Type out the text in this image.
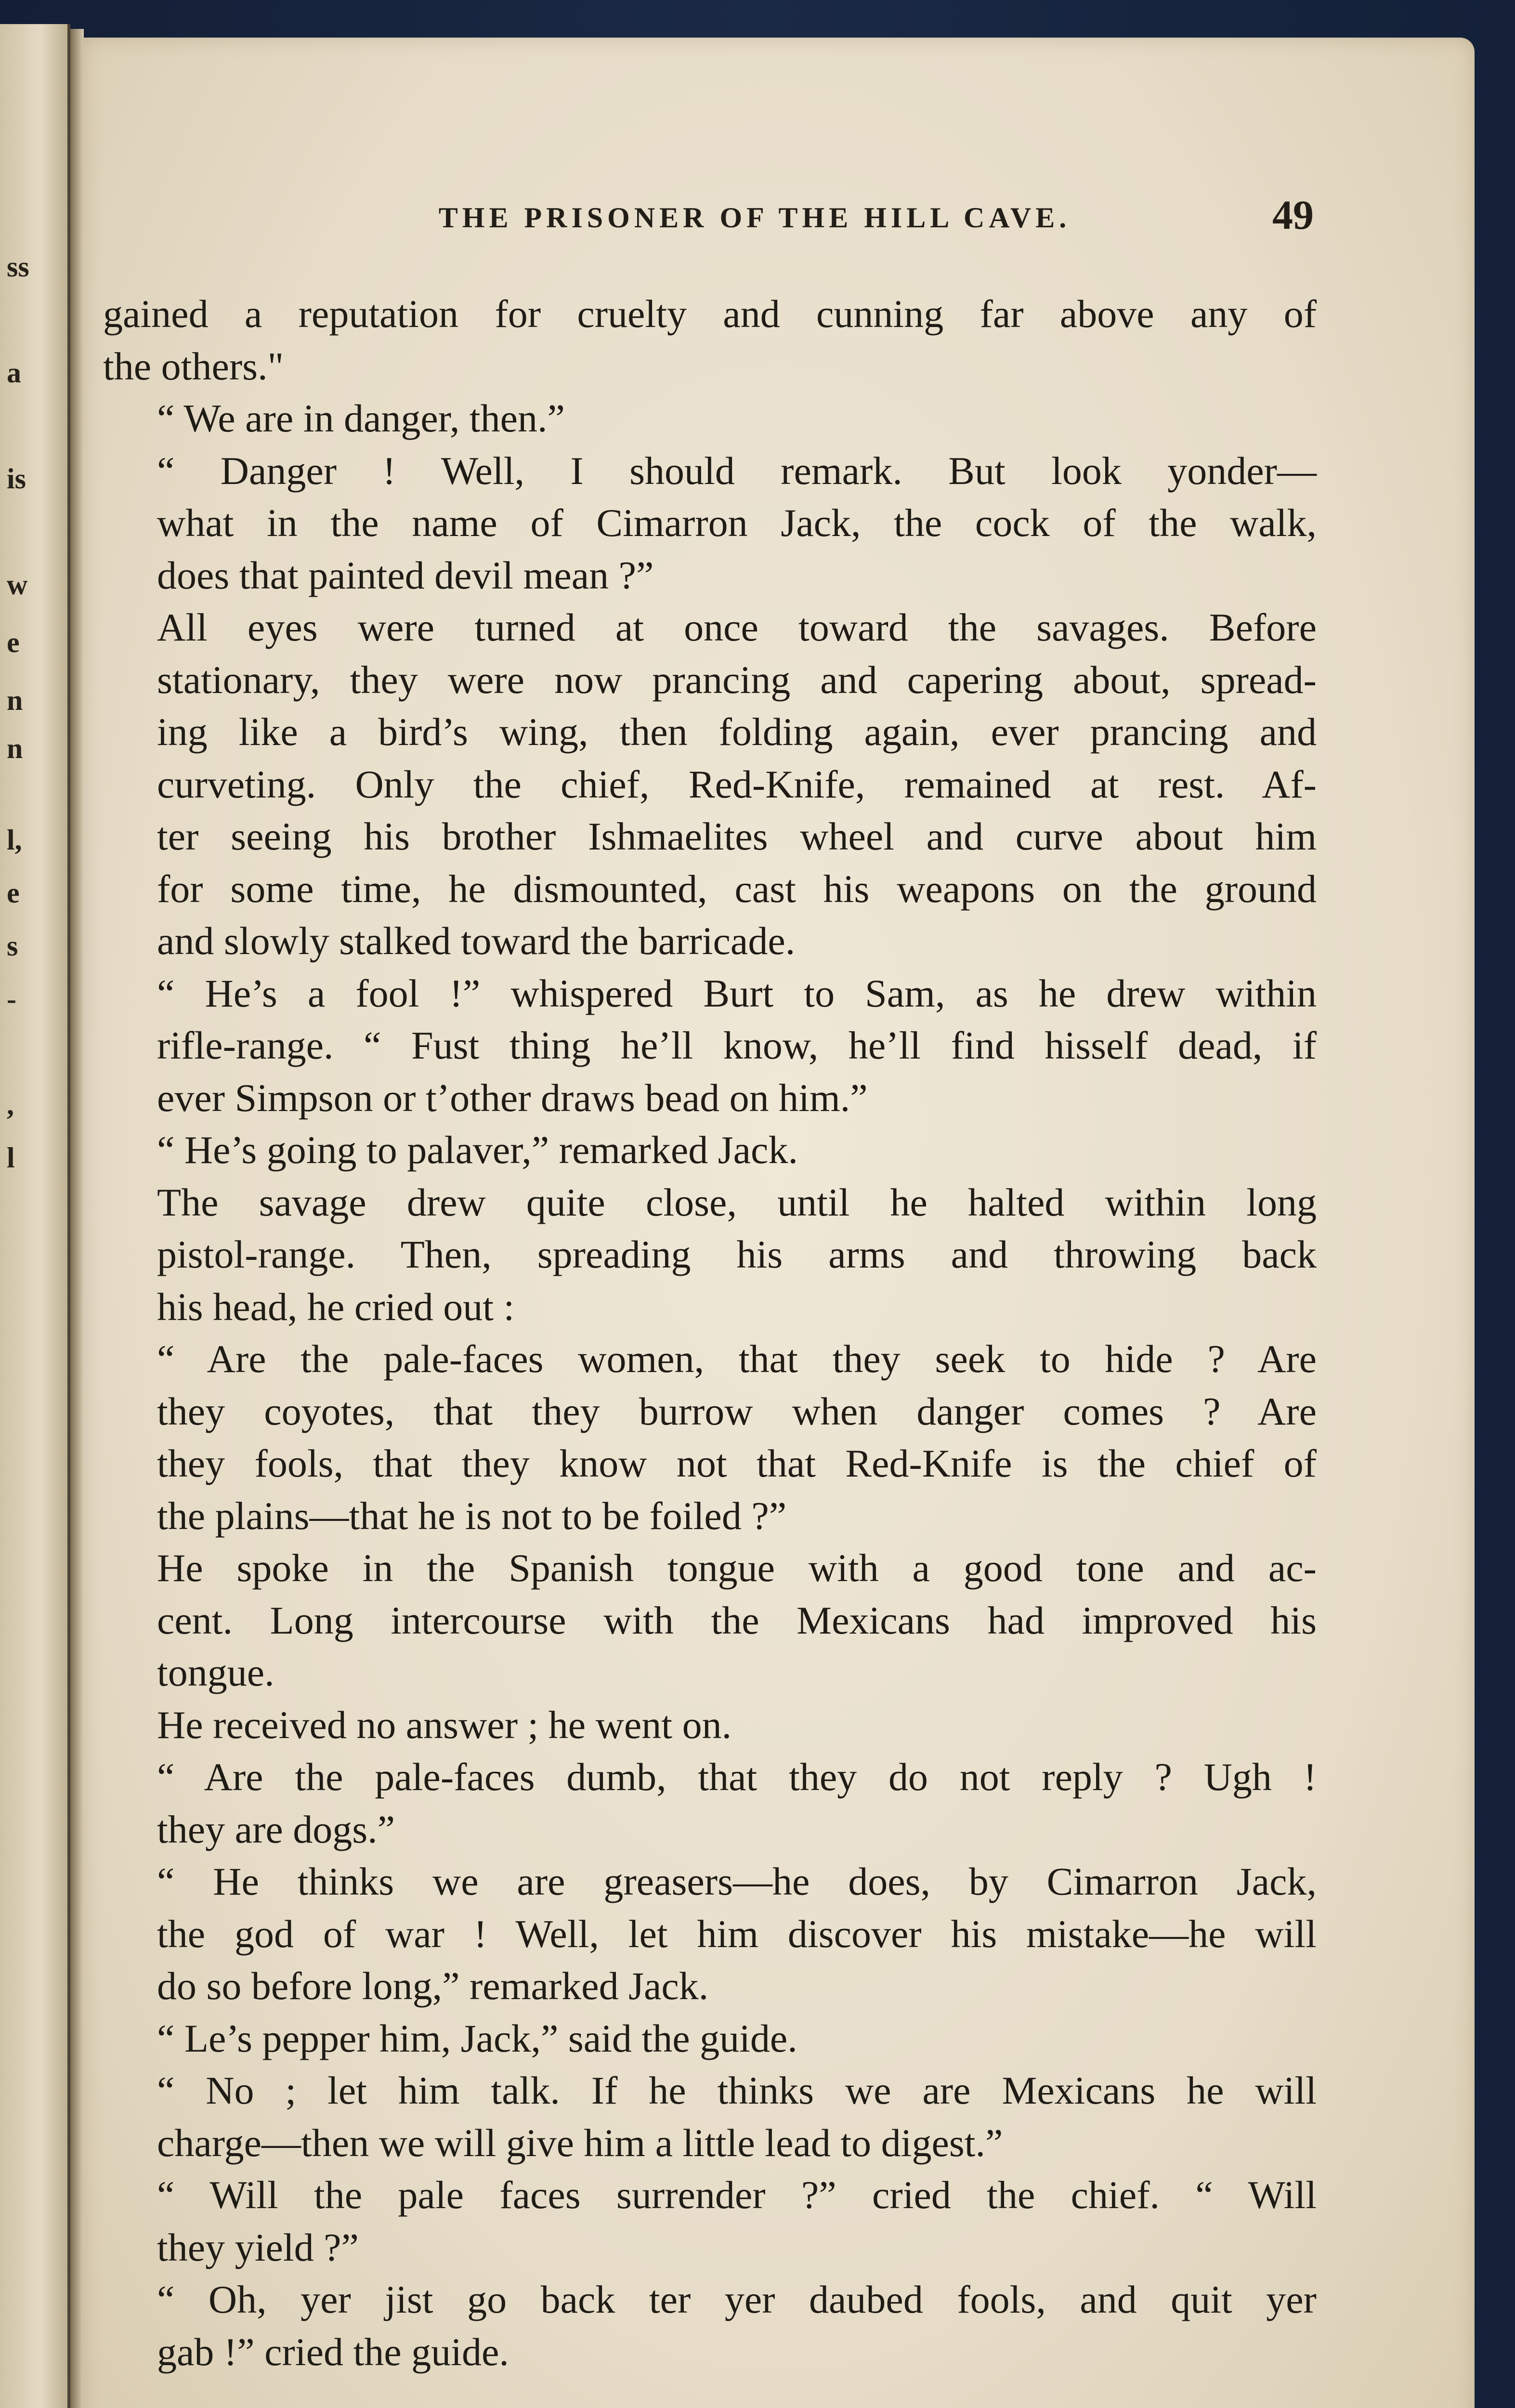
ss
a
is
w
e
n
n
l,
e
s
-
,
l
THE PRISONER OF THE HILL CAVE.	49

gained a reputation for cruelty and cunning far above any of
the others."

“ We are in danger, then.”

“ Danger ! Well, I should remark. But look yonder—
what in the name of Cimarron Jack, the cock of the walk,
does that painted devil mean ?”

All eyes were turned at once toward the savages. Before
stationary, they were now prancing and capering about, spread-
ing like a bird’s wing, then folding again, ever prancing and
curveting. Only the chief, Red-Knife, remained at rest. Af-
ter seeing his brother Ishmaelites wheel and curve about him
for some time, he dismounted, cast his weapons on the ground
and slowly stalked toward the barricade.

“ He’s a fool !” whispered Burt to Sam, as he drew within
rifle-range. “ Fust thing he’ll know, he’ll find hisself dead, if
ever Simpson or t’other draws bead on him.”

“ He’s going to palaver,” remarked Jack.

The savage drew quite close, until he halted within long
pistol-range. Then, spreading his arms and throwing back
his head, he cried out :

“ Are the pale-faces women, that they seek to hide ? Are
they coyotes, that they burrow when danger comes ? Are
they fools, that they know not that Red-Knife is the chief of
the plains—that he is not to be foiled ?”

He spoke in the Spanish tongue with a good tone and ac-
cent. Long intercourse with the Mexicans had improved his
tongue.

He received no answer ; he went on.

“ Are the pale-faces dumb, that they do not reply ? Ugh !
they are dogs.”

“ He thinks we are greasers—he does, by Cimarron Jack,
the god of war ! Well, let him discover his mistake—he will
do so before long,” remarked Jack.

“ Le’s pepper him, Jack,” said the guide.

“ No ; let him talk. If he thinks we are Mexicans he will
charge—then we will give him a little lead to digest.”

“ Will the pale faces surrender ?” cried the chief. “ Will
they yield ?”

“ Oh, yer jist go back ter yer daubed fools, and quit yer
gab !” cried the guide.
